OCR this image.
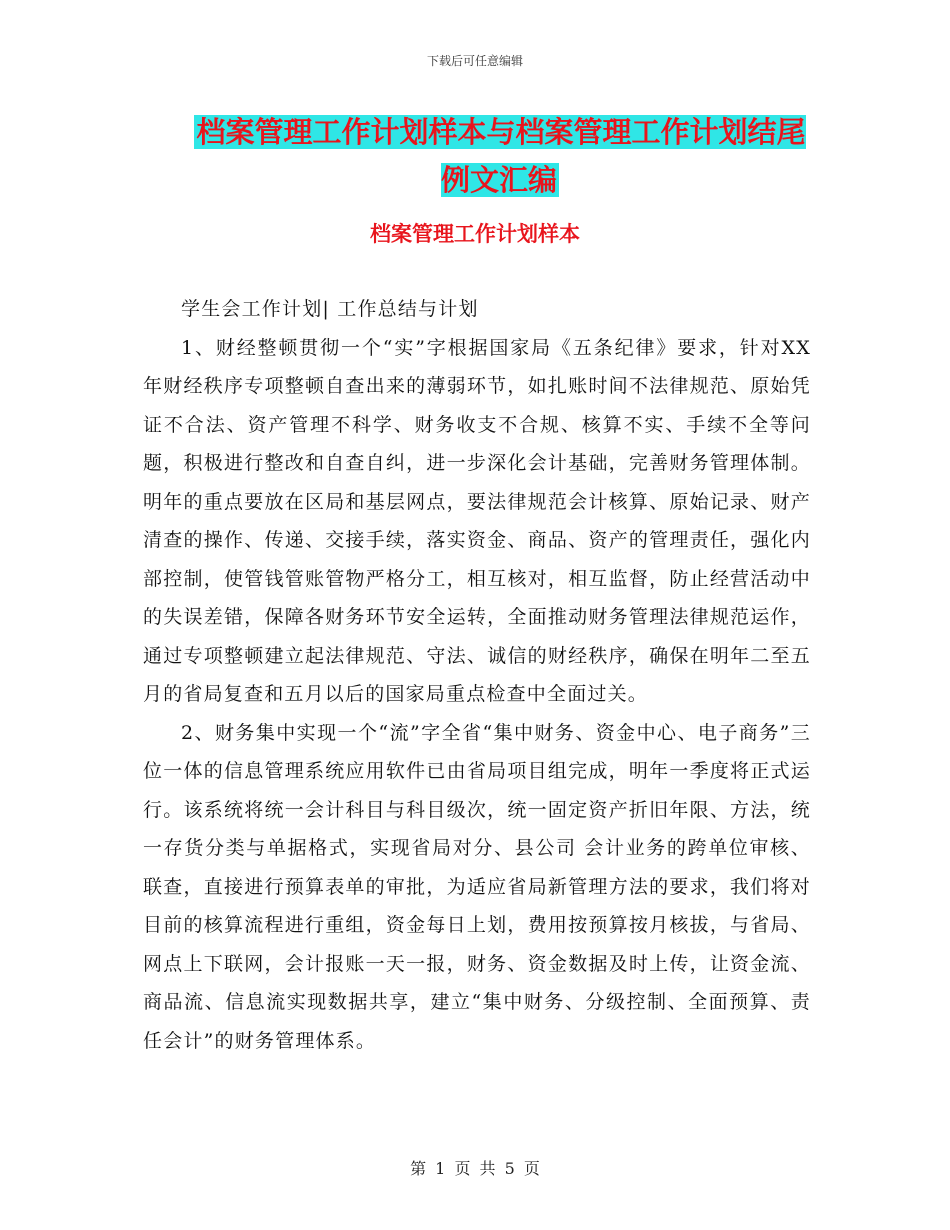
下载后可任意编辑
档案管理工作计划样本与档案管理工作计划结尾例文汇编
档案管理工作计划样本

学生会工作计划| 工作总结与计划

1、财经整顿贯彻一个“实”字根据国家局《五条纪律》要求，针对XX年财经秩序专项整顿自查出来的薄弱环节，如扎账时间不法律规范、原始凭证不合法、资产管理不科学、财务收支不合规、核算不实、手续不全等问题，积极进行整改和自查自纠，进一步深化会计基础，完善财务管理体制。明年的重点要放在区局和基层网点，要法律规范会计核算、原始记录、财产清查的操作、传递、交接手续，落实资金、商品、资产的管理责任，强化内部控制，使管钱管账管物严格分工，相互核对，相互监督，防止经营活动中的失误差错，保障各财务环节安全运转，全面推动财务管理法律规范运作，通过专项整顿建立起法律规范、守法、诚信的财经秩序，确保在明年二至五月的省局复查和五月以后的国家局重点检查中全面过关。

2、财务集中实现一个“流”字全省“集中财务、资金中心、电子商务”三位一体的信息管理系统应用软件已由省局项目组完成，明年一季度将正式运行。该系统将统一会计科目与科目级次，统一固定资产折旧年限、方法，统一存货分类与单据格式，实现省局对分、县公司 会计业务的跨单位审核、联查，直接进行预算表单的审批，为适应省局新管理方法的要求，我们将对目前的核算流程进行重组，资金每日上划，费用按预算按月核拔，与省局、网点上下联网，会计报账一天一报，财务、资金数据及时上传，让资金流、商品流、信息流实现数据共享，建立“集中财务、分级控制、全面预算、责任会计”的财务管理体系。

第 1 页 共 5 页
